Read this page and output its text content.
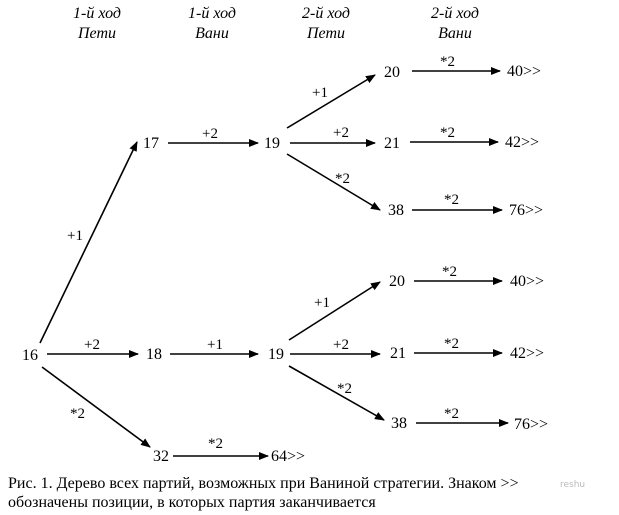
1-й ход
Пети
1-й ход
Вани
2-й ход
Пети
2-й ход
Вани
16
17
18
32
19
19
64>>
20
21
38
40>>
42>>
76>>
20
21
38
40>>
42>>
76>>
+1
+2
*2
+2
+1
+2
*2
*2
*2
*2
+1
+1
+2
*2
*2
*2
*2
*2
Рис. 1. Дерево всех партий, возможных при Ваниной стратегии. Знаком >>
обозначены позиции, в которых партия заканчивается
reshu
